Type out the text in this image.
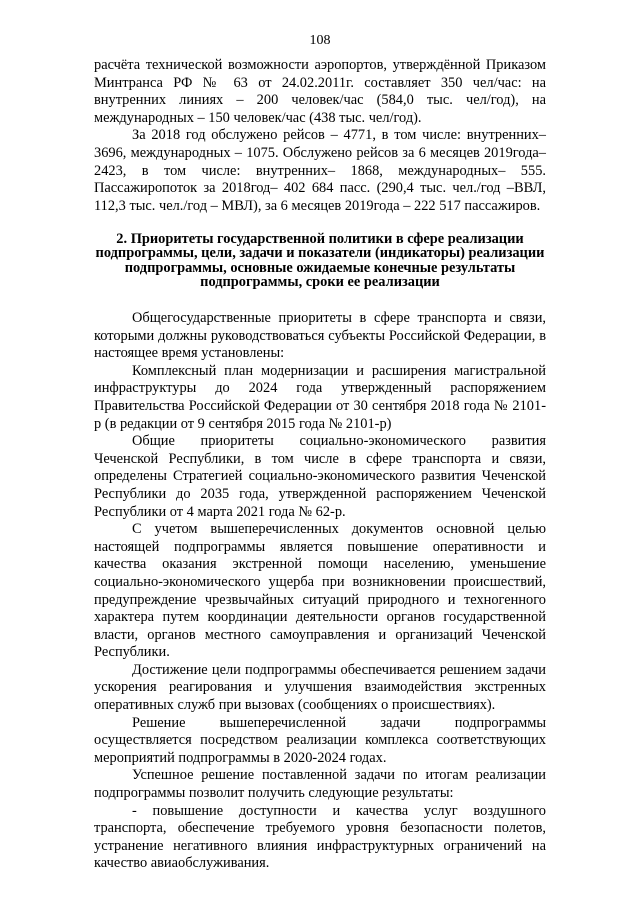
108

расчёта технической возможности аэропортов, утверждённой Приказом Минтранса РФ № 63 от 24.02.2011г. составляет 350 чел/час: на внутренних линиях – 200 человек/час (584,0 тыс. чел/год), на международных – 150 человек/час (438 тыс. чел/год).

За 2018 год обслужено рейсов – 4771, в том числе: внутренних– 3696, международных – 1075. Обслужено рейсов за 6 месяцев 2019года– 2423, в том числе: внутренних– 1868, международных– 555. Пассажиропоток за 2018год– 402 684 пасс. (290,4 тыс. чел./год –ВВЛ, 112,3 тыс. чел./год – МВЛ), за 6 месяцев 2019года – 222 517 пассажиров.

2. Приоритеты государственной политики в сфере реализации подпрограммы, цели, задачи и показатели (индикаторы) реализации подпрограммы, основные ожидаемые конечные результаты подпрограммы, сроки ее реализации

Общегосударственные приоритеты в сфере транспорта и связи, которыми должны руководствоваться субъекты Российской Федерации, в настоящее время установлены:

Комплексный план модернизации и расширения магистральной инфраструктуры до 2024 года утвержденный распоряжением Правительства Российской Федерации от 30 сентября 2018 года № 2101-р (в редакции от 9 сентября 2015 года № 2101-р)

Общие приоритеты социально-экономического развития Чеченской Республики, в том числе в сфере транспорта и связи, определены Стратегией социально-экономического развития Чеченской Республики до 2035 года, утвержденной распоряжением Чеченской Республики от 4 марта 2021 года № 62-р.

С учетом вышеперечисленных документов основной целью настоящей подпрограммы является повышение оперативности и качества оказания экстренной помощи населению, уменьшение социально-экономического ущерба при возникновении происшествий, предупреждение чрезвычайных ситуаций природного и техногенного характера путем координации деятельности органов государственной власти, органов местного самоуправления и организаций Чеченской Республики.

Достижение цели подпрограммы обеспечивается решением задачи ускорения реагирования и улучшения взаимодействия экстренных оперативных служб при вызовах (сообщениях о происшествиях).

Решение вышеперечисленной задачи подпрограммы осуществляется посредством реализации комплекса соответствующих мероприятий подпрограммы в 2020-2024 годах.

Успешное решение поставленной задачи по итогам реализации подпрограммы позволит получить следующие результаты:

- повышение доступности и качества услуг воздушного транспорта, обеспечение требуемого уровня безопасности полетов, устранение негативного влияния инфраструктурных ограничений на качество авиаобслуживания.
